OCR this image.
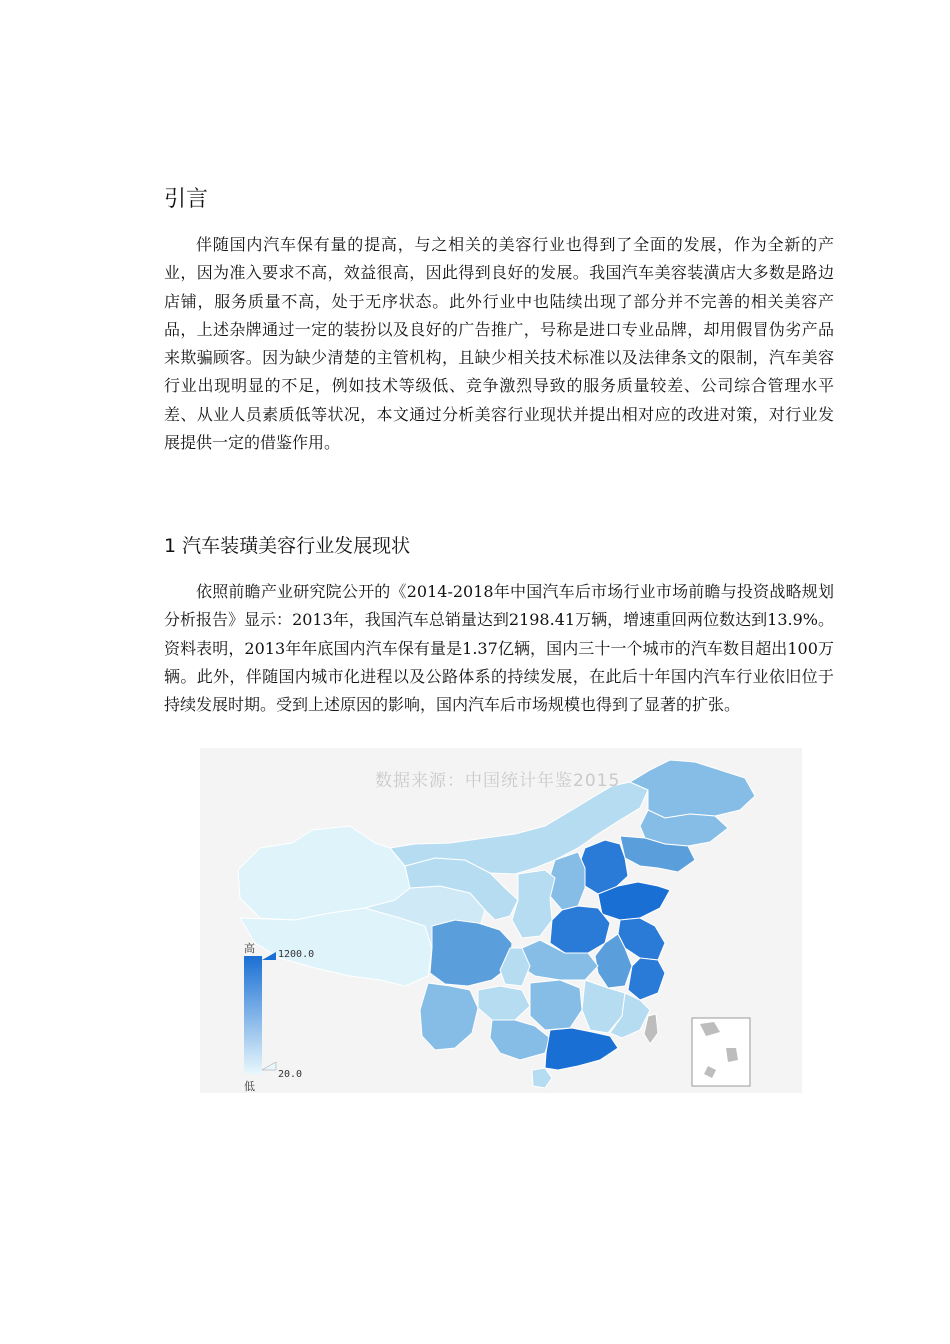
引言

伴随国内汽车保有量的提高，与之相关的美容行业也得到了全面的发展，作为全新的产业，因为准入要求不高，效益很高，因此得到良好的发展。我国汽车美容装潢店大多数是路边店铺，服务质量不高，处于无序状态。此外行业中也陆续出现了部分并不完善的相关美容产品，上述杂牌通过一定的装扮以及良好的广告推广，号称是进口专业品牌，却用假冒伪劣产品来欺骗顾客。因为缺少清楚的主管机构，且缺少相关技术标准以及法律条文的限制，汽车美容行业出现明显的不足，例如技术等级低、竞争激烈导致的服务质量较差、公司综合管理水平差、从业人员素质低等状况，本文通过分析美容行业现状并提出相对应的改进对策，对行业发展提供一定的借鉴作用。

1 汽车装璜美容行业发展现状

依照前瞻产业研究院公开的《2014-2018年中国汽车后市场行业市场前瞻与投资战略规划分析报告》显示：2013年，我国汽车总销量达到2198.41万辆，增速重回两位数达到13.9%。资料表明，2013年年底国内汽车保有量是1.37亿辆，国内三十一个城市的汽车数目超出100万辆。此外，伴随国内城市化进程以及公路体系的持续发展，在此后十年国内汽车行业依旧位于持续发展时期。受到上述原因的影响，国内汽车后市场规模也得到了显著的扩张。

数据来源：中国统计年鉴2015
高
低
1200.0
20.0
